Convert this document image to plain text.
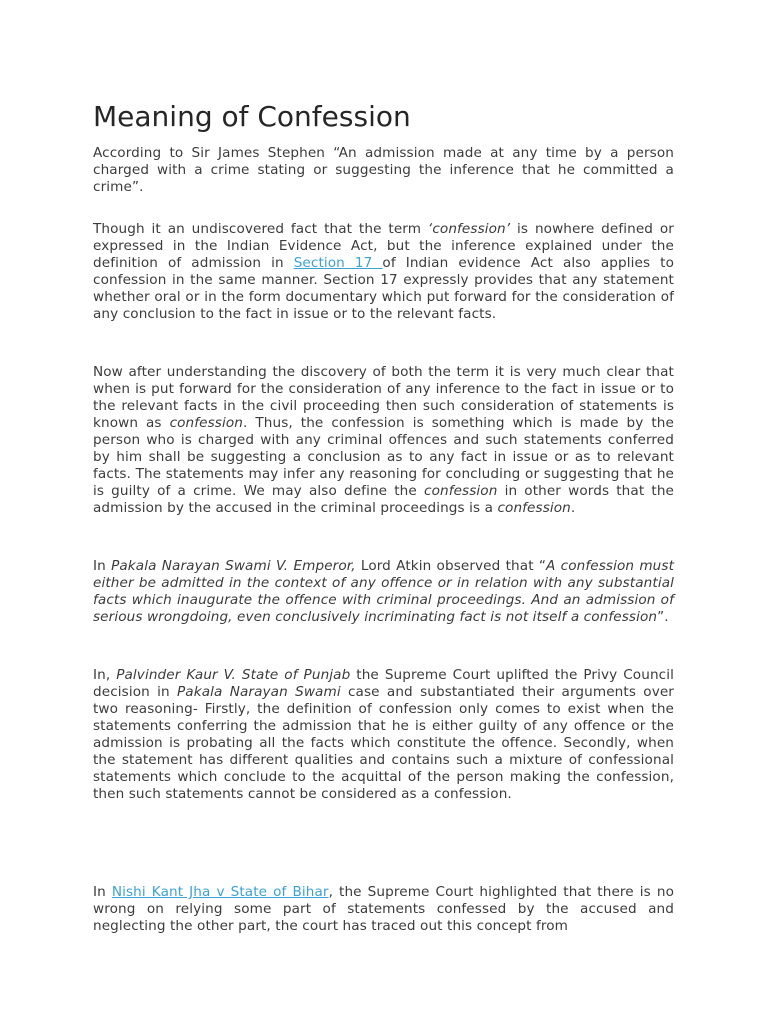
Meaning of Confession

According to Sir James Stephen “An admission made at any time by a person charged with a crime stating or suggesting the inference that he committed a crime”.

Though it an undiscovered fact that the term ‘confession’ is nowhere defined or expressed in the Indian Evidence Act, but the inference explained under the definition of admission in Section 17 of Indian evidence Act also applies to confession in the same manner. Section 17 expressly provides that any statement whether oral or in the form documentary which put forward for the consideration of any conclusion to the fact in issue or to the relevant facts.

Now after understanding the discovery of both the term it is very much clear that when is put forward for the consideration of any inference to the fact in issue or to the relevant facts in the civil proceeding then such consideration of statements is known as confession. Thus, the confession is something which is made by the person who is charged with any criminal offences and such statements conferred by him shall be suggesting a conclusion as to any fact in issue or as to relevant facts. The statements may infer any reasoning for concluding or suggesting that he is guilty of a crime. We may also define the confession in other words that the admission by the accused in the criminal proceedings is a confession.

In Pakala Narayan Swami V. Emperor, Lord Atkin observed that “A confession must either be admitted in the context of any offence or in relation with any substantial facts which inaugurate the offence with criminal proceedings. And an admission of serious wrongdoing, even conclusively incriminating fact is not itself a confession”.

In, Palvinder Kaur V. State of Punjab the Supreme Court uplifted the Privy Council decision in Pakala Narayan Swami case and substantiated their arguments over two reasoning- Firstly, the definition of confession only comes to exist when the statements conferring the admission that he is either guilty of any offence or the admission is probating all the facts which constitute the offence. Secondly, when the statement has different qualities and contains such a mixture of confessional statements which conclude to the acquittal of the person making the confession, then such statements cannot be considered as a confession.

In Nishi Kant Jha v State of Bihar, the Supreme Court highlighted that there is no wrong on relying some part of statements confessed by the accused and neglecting the other part, the court has traced out this concept from
